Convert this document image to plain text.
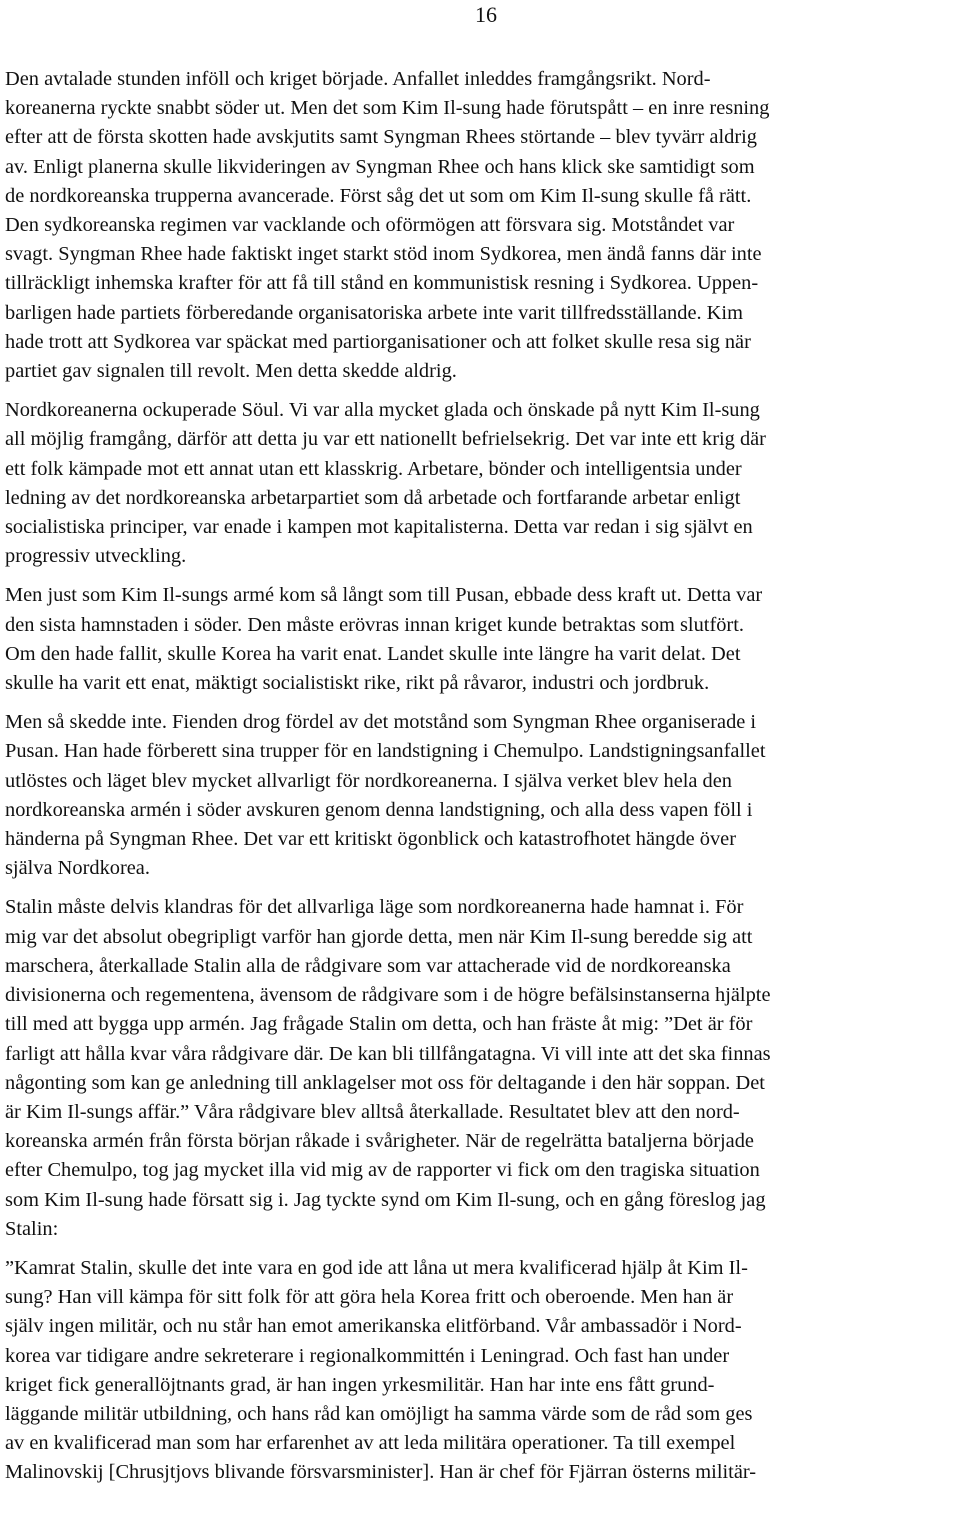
16

Den avtalade stunden inföll och kriget började. Anfallet inleddes framgångsrikt. Nord-
koreanerna ryckte snabbt söder ut. Men det som Kim Il-sung hade förutspått – en inre resning
efter att de första skotten hade avskjutits samt Syngman Rhees störtande – blev tyvärr aldrig
av. Enligt planerna skulle likvideringen av Syngman Rhee och hans klick ske samtidigt som
de nordkoreanska trupperna avancerade. Först såg det ut som om Kim Il-sung skulle få rätt.
Den sydkoreanska regimen var vacklande och oförmögen att försvara sig. Motståndet var
svagt. Syngman Rhee hade faktiskt inget starkt stöd inom Sydkorea, men ändå fanns där inte
tillräckligt inhemska krafter för att få till stånd en kommunistisk resning i Sydkorea. Uppen-
barligen hade partiets förberedande organisatoriska arbete inte varit tillfredsställande. Kim
hade trott att Sydkorea var späckat med partiorganisationer och att folket skulle resa sig när
partiet gav signalen till revolt. Men detta skedde aldrig.

Nordkoreanerna ockuperade Söul. Vi var alla mycket glada och önskade på nytt Kim Il-sung
all möjlig framgång, därför att detta ju var ett nationellt befrielsekrig. Det var inte ett krig där
ett folk kämpade mot ett annat utan ett klasskrig. Arbetare, bönder och intelligentsia under
ledning av det nordkoreanska arbetarpartiet som då arbetade och fortfarande arbetar enligt
socialistiska principer, var enade i kampen mot kapitalisterna. Detta var redan i sig självt en
progressiv utveckling.

Men just som Kim Il-sungs armé kom så långt som till Pusan, ebbade dess kraft ut. Detta var
den sista hamnstaden i söder. Den måste erövras innan kriget kunde betraktas som slutfört.
Om den hade fallit, skulle Korea ha varit enat. Landet skulle inte längre ha varit delat. Det
skulle ha varit ett enat, mäktigt socialistiskt rike, rikt på råvaror, industri och jordbruk.

Men så skedde inte. Fienden drog fördel av det motstånd som Syngman Rhee organiserade i
Pusan. Han hade förberett sina trupper för en landstigning i Chemulpo. Landstigningsanfallet
utlöstes och läget blev mycket allvarligt för nordkoreanerna. I själva verket blev hela den
nordkoreanska armén i söder avskuren genom denna landstigning, och alla dess vapen föll i
händerna på Syngman Rhee. Det var ett kritiskt ögonblick och katastrofhotet hängde över
själva Nordkorea.

Stalin måste delvis klandras för det allvarliga läge som nordkoreanerna hade hamnat i. För
mig var det absolut obegripligt varför han gjorde detta, men när Kim Il-sung beredde sig att
marschera, återkallade Stalin alla de rådgivare som var attacherade vid de nordkoreanska
divisionerna och regementena, ävensom de rådgivare som i de högre befälsinstanserna hjälpte
till med att bygga upp armén. Jag frågade Stalin om detta, och han fräste åt mig: ”Det är för
farligt att hålla kvar våra rådgivare där. De kan bli tillfångatagna. Vi vill inte att det ska finnas
någonting som kan ge anledning till anklagelser mot oss för deltagande i den här soppan. Det
är Kim Il-sungs affär.” Våra rådgivare blev alltså återkallade. Resultatet blev att den nord-
koreanska armén från första början råkade i svårigheter. När de regelrätta bataljerna började
efter Chemulpo, tog jag mycket illa vid mig av de rapporter vi fick om den tragiska situation
som Kim Il-sung hade försatt sig i. Jag tyckte synd om Kim Il-sung, och en gång föreslog jag
Stalin:

”Kamrat Stalin, skulle det inte vara en god ide att låna ut mera kvalificerad hjälp åt Kim Il-
sung? Han vill kämpa för sitt folk för att göra hela Korea fritt och oberoende. Men han är
själv ingen militär, och nu står han emot amerikanska elitförband. Vår ambassadör i Nord-
korea var tidigare andre sekreterare i regionalkommittén i Leningrad. Och fast han under
kriget fick generallöjtnants grad, är han ingen yrkesmilitär. Han har inte ens fått grund-
läggande militär utbildning, och hans råd kan omöjligt ha samma värde som de råd som ges
av en kvalificerad man som har erfarenhet av att leda militära operationer. Ta till exempel
Malinovskij [Chrusjtjovs blivande försvarsminister]. Han är chef för Fjärran österns militär-
